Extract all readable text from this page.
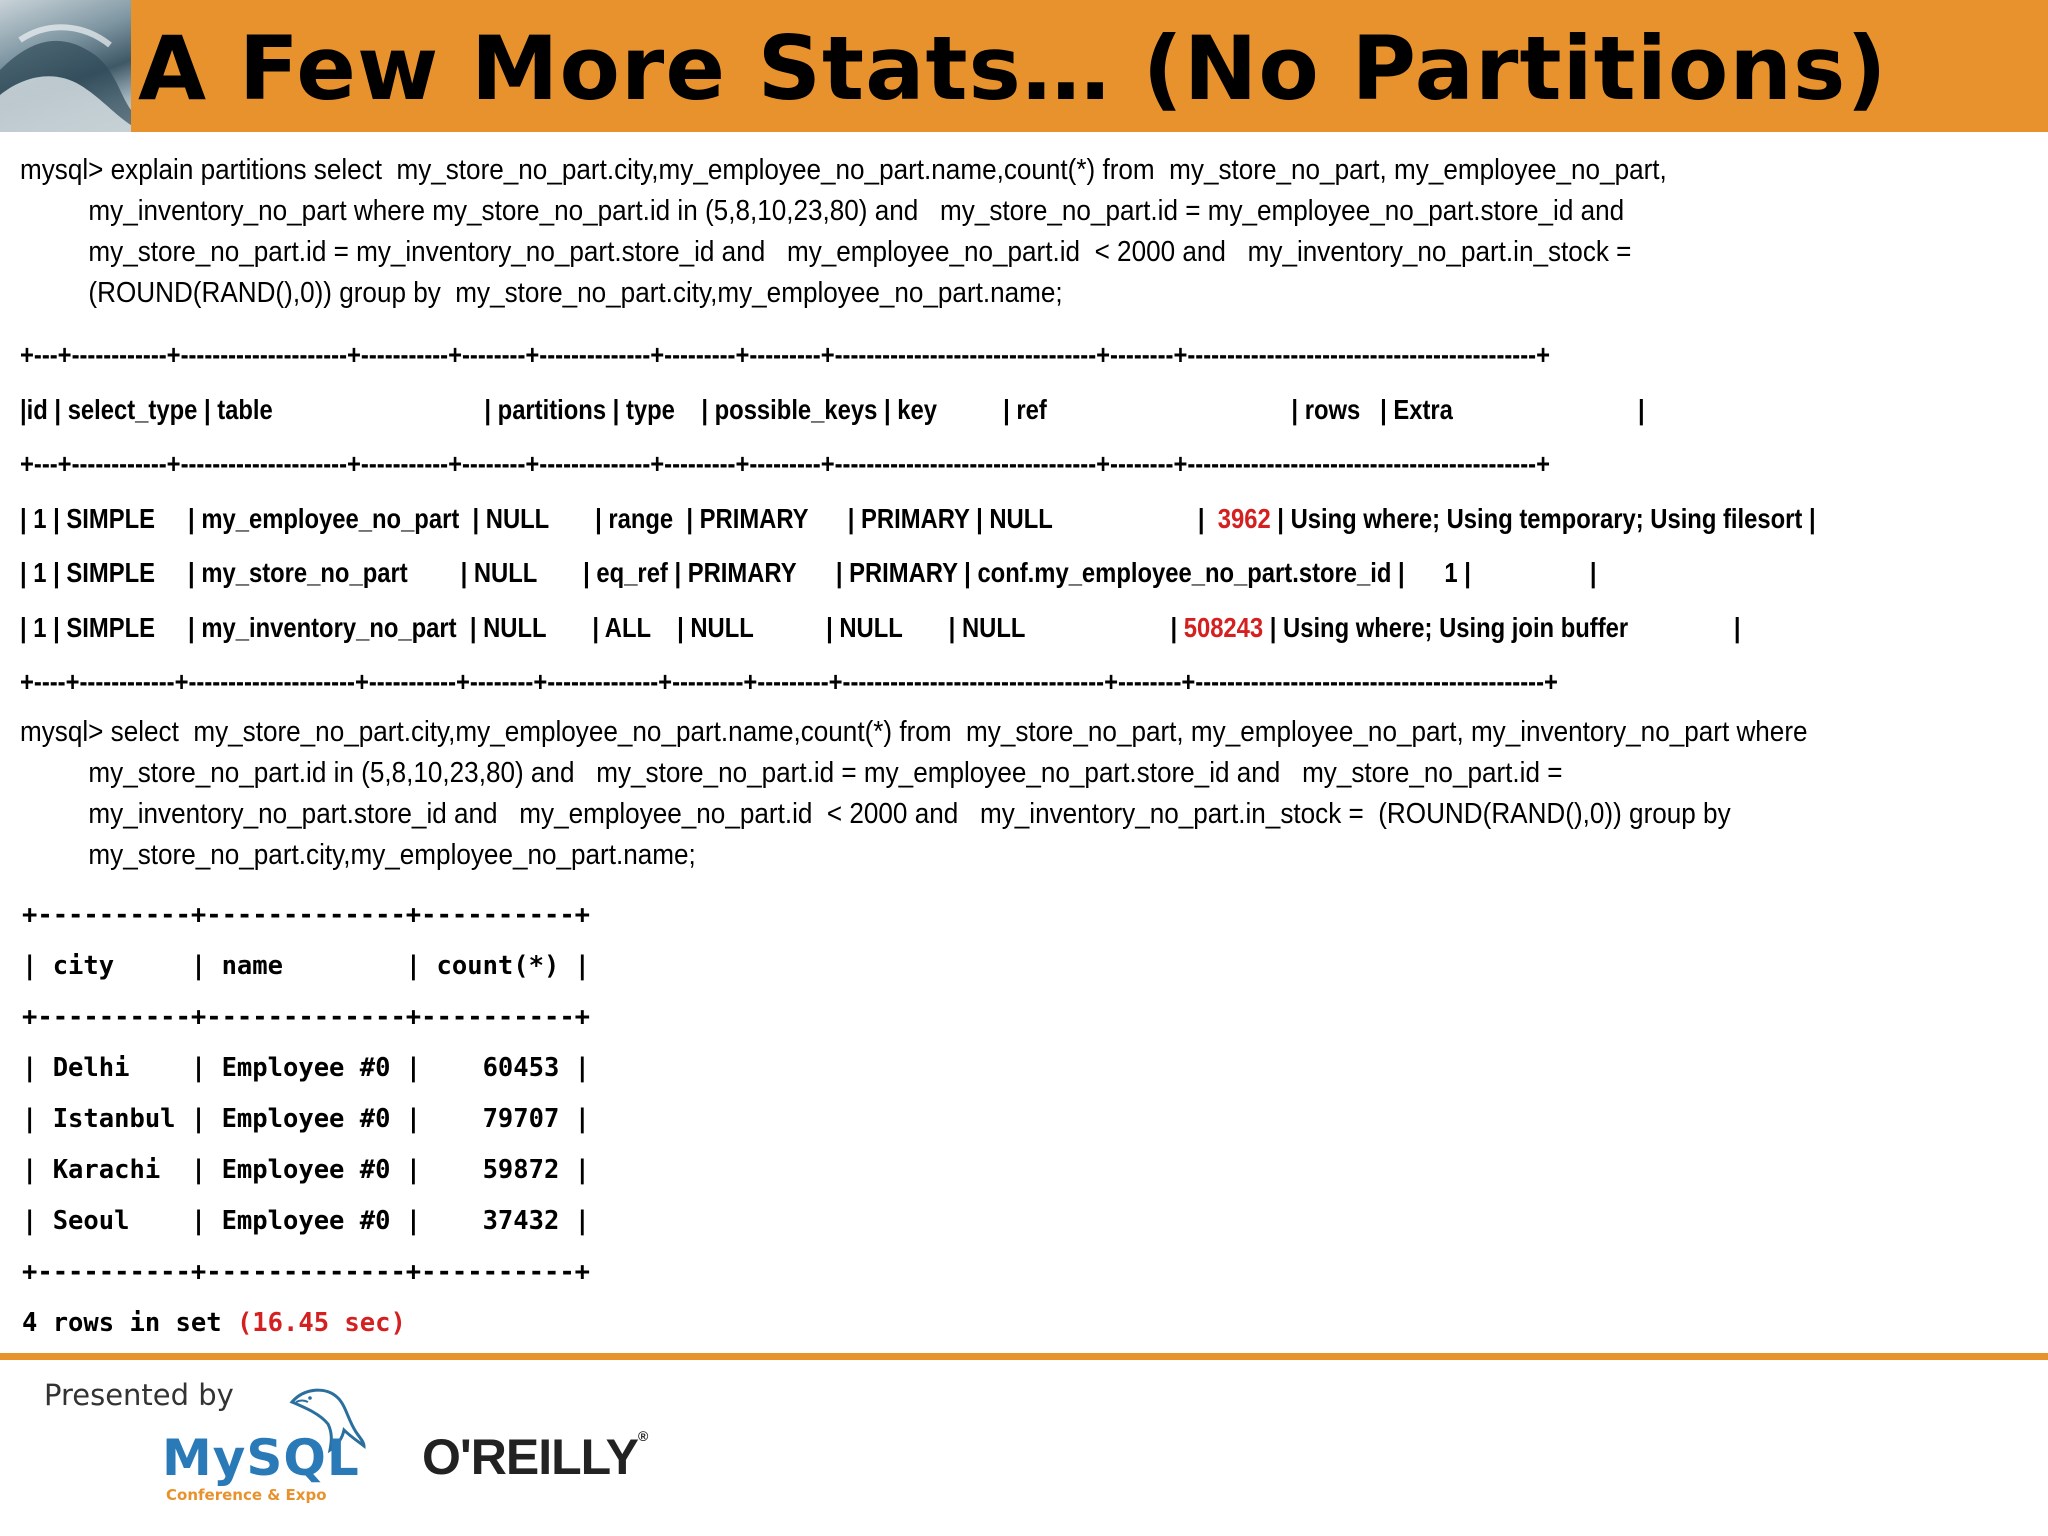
A Few More Stats… (No Partitions)
mysql> explain partitions select  my_store_no_part.city,my_employee_no_part.name,count(*) from  my_store_no_part, my_employee_no_part,
my_inventory_no_part where my_store_no_part.id in (5,8,10,23,80) and   my_store_no_part.id = my_employee_no_part.store_id and
my_store_no_part.id = my_inventory_no_part.store_id and   my_employee_no_part.id  < 2000 and   my_inventory_no_part.in_stock =
(ROUND(RAND(),0)) group by  my_store_no_part.city,my_employee_no_part.name;
+---+------------+---------------------+-----------+--------+--------------+---------+---------+---------------------------------+--------+--------------------------------------------+
|id | select_type | table                                | partitions | type    | possible_keys | key          | ref                                     | rows   | Extra                            |
+---+------------+---------------------+-----------+--------+--------------+---------+---------+---------------------------------+--------+--------------------------------------------+
| 1 | SIMPLE     | my_employee_no_part  | NULL       | range  | PRIMARY      | PRIMARY | NULL                      |  3962 | Using where; Using temporary; Using filesort |
| 1 | SIMPLE     | my_store_no_part        | NULL       | eq_ref | PRIMARY      | PRIMARY | conf.my_employee_no_part.store_id |      1 |                  |
| 1 | SIMPLE     | my_inventory_no_part  | NULL       | ALL    | NULL           | NULL       | NULL                      | 508243 | Using where; Using join buffer                |
+----+------------+---------------------+-----------+--------+--------------+---------+---------+---------------------------------+--------+--------------------------------------------+
mysql> select  my_store_no_part.city,my_employee_no_part.name,count(*) from  my_store_no_part, my_employee_no_part, my_inventory_no_part where
my_store_no_part.id in (5,8,10,23,80) and   my_store_no_part.id = my_employee_no_part.store_id and   my_store_no_part.id =
my_inventory_no_part.store_id and   my_employee_no_part.id  < 2000 and   my_inventory_no_part.in_stock =  (ROUND(RAND(),0)) group by
my_store_no_part.city,my_employee_no_part.name;
+----------+-------------+----------+
| city     | name        | count(*) |
+----------+-------------+----------+
| Delhi    | Employee #0 |    60453 |
| Istanbul | Employee #0 |    79707 |
| Karachi  | Employee #0 |    59872 |
| Seoul    | Employee #0 |    37432 |
+----------+-------------+----------+
4 rows in set (16.45 sec)
Presented by
MySQL
Conference & Expo
O'REILLY®
